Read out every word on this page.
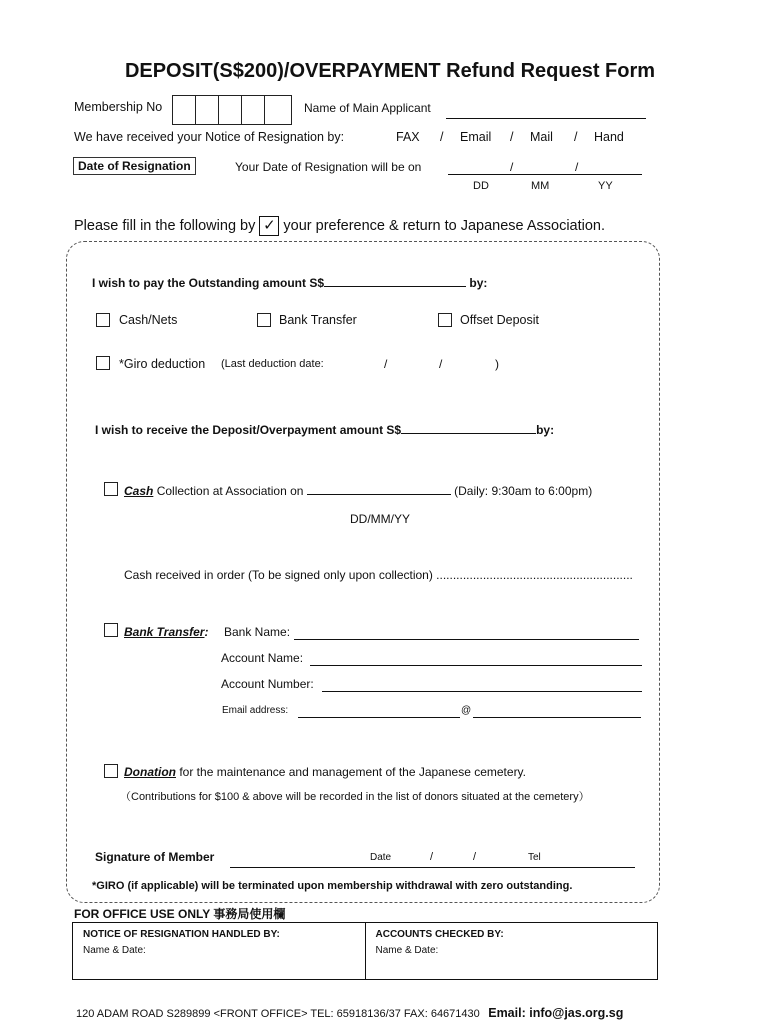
DEPOSIT(S$200)/OVERPAYMENT Refund Request Form
Membership No	Name of Main Applicant
We have received your Notice of Resignation by:	FAX / Email / Mail / Hand
Date of Resignation	Your Date of Resignation will be on	/	/
DD	MM	YY
Please fill in the following by ✓ your preference & return to Japanese Association.
I wish to pay the Outstanding amount S$	by:
Cash/Nets	Bank Transfer	Offset Deposit
*Giro deduction (Last deduction date:	/	/	)
I wish to receive the Deposit/Overpayment amount S$	by:
Cash Collection at Association on	(Daily: 9:30am to 6:00pm)
DD/MM/YY
Cash received in order (To be signed only upon collection) ...........................................................
Bank Transfer: Bank Name:
Account Name:
Account Number:
Email address:	@
Donation for the maintenance and management of the Japanese cemetery.
（Contributions for $100 & above will be recorded in the list of donors situated at the cemetery）
Signature of Member	Date	/	/	Tel
*GIRO (if applicable) will be terminated upon membership withdrawal with zero outstanding.
FOR OFFICE USE ONLY 事務局使用欄
NOTICE OF RESIGNATION HANDLED BY:
Name & Date:
ACCOUNTS CHECKED BY:
Name & Date:
120 ADAM ROAD S289899 <FRONT OFFICE> TEL: 65918136/37 FAX: 64671430 Email: info@jas.org.sg
